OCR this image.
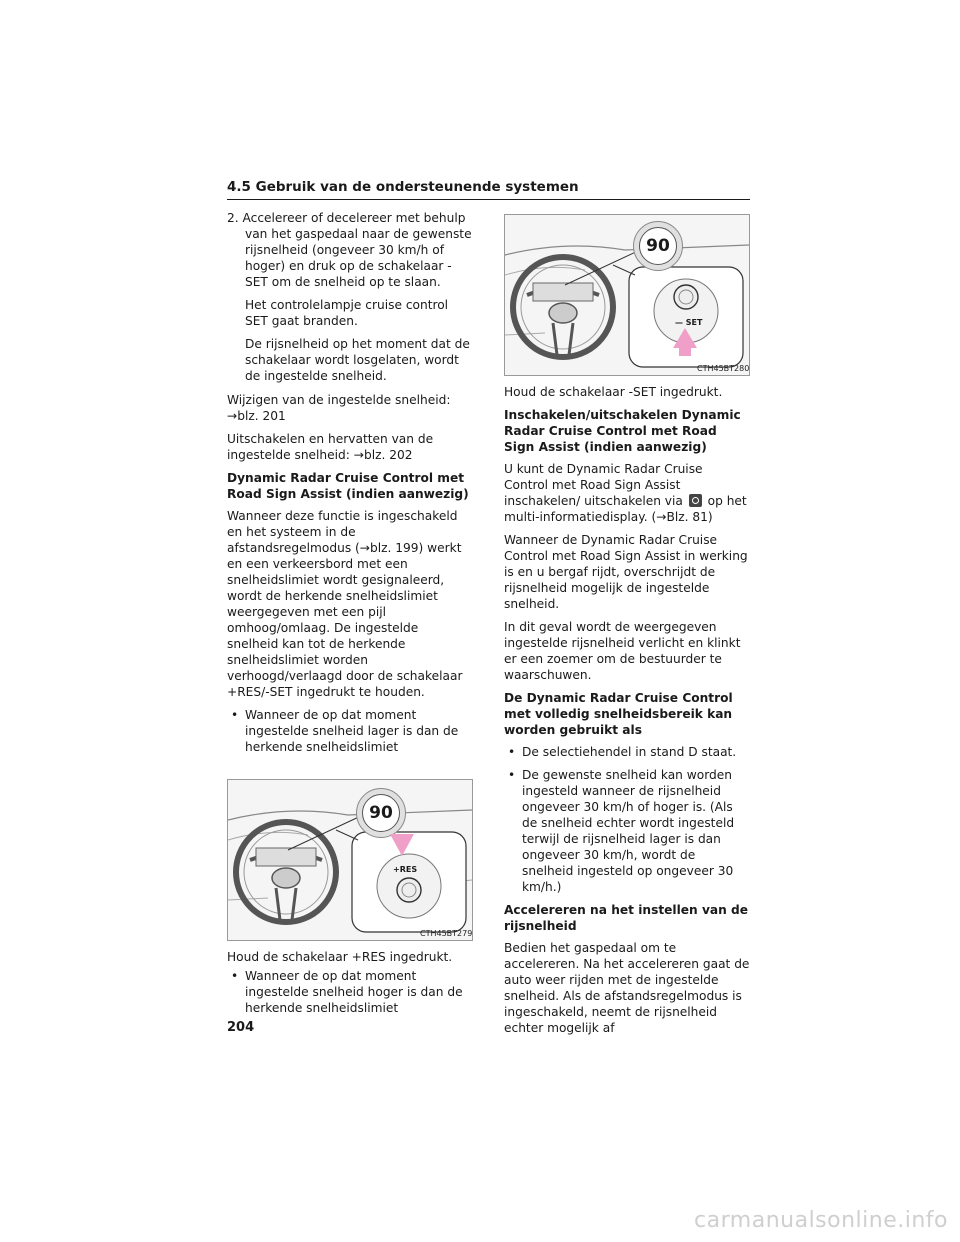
4.5 Gebruik van de ondersteunende systemen

2. Accelereer of decelereer met behulp van het gaspedaal naar de gewenste rijsnelheid (ongeveer 30 km/h of hoger) en druk op de schakelaar -SET om de snelheid op te slaan.

Het controlelampje cruise control SET gaat branden.

De rijsnelheid op het moment dat de schakelaar wordt losgelaten, wordt de ingestelde snelheid.

Wijzigen van de ingestelde snelheid:
→blz. 201

Uitschakelen en hervatten van de ingestelde snelheid: →blz. 202

Dynamic Radar Cruise Control met Road Sign Assist (indien aanwezig)

Wanneer deze functie is ingeschakeld en het systeem in de afstandsregelmodus (→blz. 199) werkt en een verkeersbord met een snelheidslimiet wordt gesignaleerd, wordt de herkende snelheidslimiet weergegeven met een pijl omhoog/omlaag. De ingestelde snelheid kan tot de herkende snelheidslimiet worden verhoogd/verlaagd door de schakelaar +RES/-SET ingedrukt te houden.

• Wanneer de op dat moment ingestelde snelheid lager is dan de herkende snelheidslimiet

90
+RES
CTH45BT279

Houd de schakelaar +RES ingedrukt.

• Wanneer de op dat moment ingestelde snelheid hoger is dan de herkende snelheidslimiet

90
— SET
CTH45BT280

Houd de schakelaar -SET ingedrukt.

Inschakelen/uitschakelen Dynamic Radar Cruise Control met Road Sign Assist (indien aanwezig)

U kunt de Dynamic Radar Cruise Control met Road Sign Assist inschakelen/ uitschakelen via op het multi-informatiedisplay. (→Blz. 81)

Wanneer de Dynamic Radar Cruise Control met Road Sign Assist in werking is en u bergaf rijdt, overschrijdt de rijsnelheid mogelijk de ingestelde snelheid.

In dit geval wordt de weergegeven ingestelde rijsnelheid verlicht en klinkt er een zoemer om de bestuurder te waarschuwen.

De Dynamic Radar Cruise Control met volledig snelheidsbereik kan worden gebruikt als

• De selectiehendel in stand D staat.

• De gewenste snelheid kan worden ingesteld wanneer de rijsnelheid ongeveer 30 km/h of hoger is. (Als de snelheid echter wordt ingesteld terwijl de rijsnelheid lager is dan ongeveer 30 km/h, wordt de snelheid ingesteld op ongeveer 30 km/h.)

Accelereren na het instellen van de rijsnelheid

Bedien het gaspedaal om te accelereren. Na het accelereren gaat de auto weer rijden met de ingestelde snelheid. Als de afstandsregelmodus is ingeschakeld, neemt de rijsnelheid echter mogelijk af

204
carmanualsonline.info
